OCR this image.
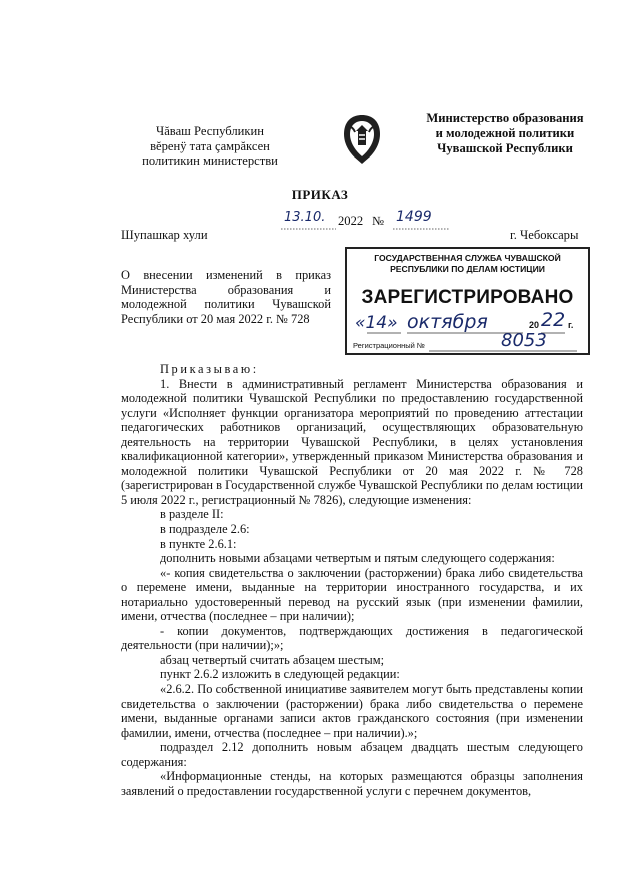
Чăваш Республикин
вĕренÿ тата çамрăксен
политикин министерстви
Министерство образования
и молодежной политики
Чувашской Республики
ПРИКАЗ
13.10. 2022 № 1499
Шупашкар хули	г. Чебоксары
О внесении изменений в приказ Министерства образования и молодежной политики Чувашской Республики от 20 мая 2022 г. № 728
ГОСУДАРСТВЕННАЯ СЛУЖБА ЧУВАШСКОЙ
РЕСПУБЛИКИ ПО ДЕЛАМ ЮСТИЦИИ
ЗАРЕГИСТРИРОВАНО
«14» октября	20 22 г.
Регистрационный №	8053

Приказываю:

1. Внести в административный регламент Министерства образования и молодежной политики Чувашской Республики по предоставлению государственной услуги «Исполняет функции организатора мероприятий по проведению аттестации педагогических работников организаций, осуществляющих образовательную деятельность на территории Чувашской Республики, в целях установления квалификационной категории», утвержденный приказом Министерства образования и молодежной политики Чувашской Республики от 20 мая 2022 г. № 728 (зарегистрирован в Государственной службе Чувашской Республики по делам юстиции 5 июля 2022 г., регистрационный № 7826), следующие изменения:

в разделе II:

в подразделе 2.6:

в пункте 2.6.1:

дополнить новыми абзацами четвертым и пятым следующего содержания:

«- копия свидетельства о заключении (расторжении) брака либо свидетельства о перемене имени, выданные на территории иностранного государства, и их нотариально удостоверенный перевод на русский язык (при изменении фамилии, имени, отчества (последнее – при наличии);

- копии документов, подтверждающих достижения в педагогической деятельности (при наличии);»;

абзац четвертый считать абзацем шестым;

пункт 2.6.2 изложить в следующей редакции:

«2.6.2. По собственной инициативе заявителем могут быть представлены копии свидетельства о заключении (расторжении) брака либо свидетельства о перемене имени, выданные органами записи актов гражданского состояния (при изменении фамилии, имени, отчества (последнее – при наличии).»;

подраздел 2.12 дополнить новым абзацем двадцать шестым следующего содержания:

«Информационные стенды, на которых размещаются образцы заполнения заявлений о предоставлении государственной услуги с перечнем документов,
